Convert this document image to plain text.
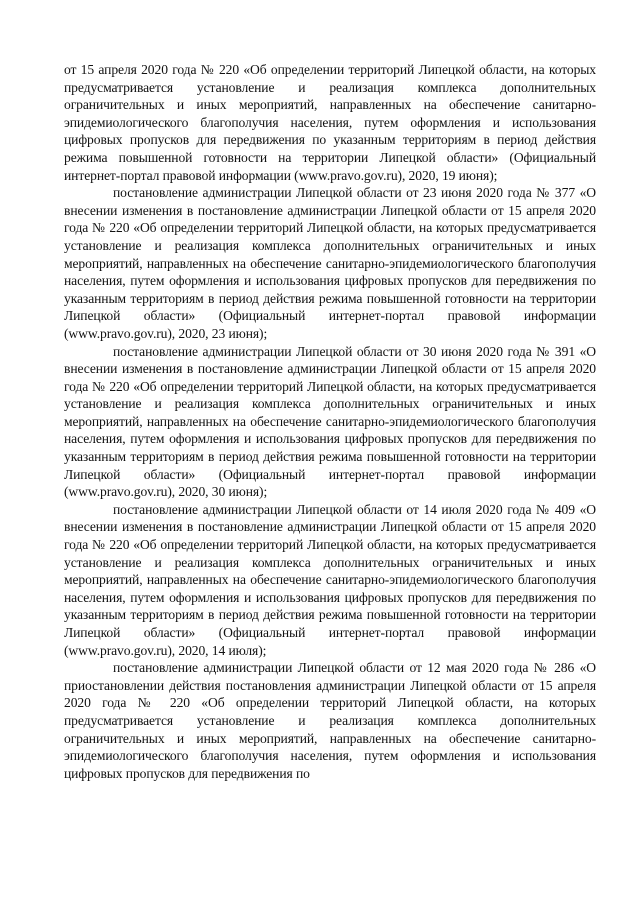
от 15 апреля 2020 года № 220 «Об определении территорий Липецкой области, на которых предусматривается установление и реализация комплекса дополнительных ограничительных и иных мероприятий, направленных на обеспечение санитарно-эпидемиологического благополучия населения, путем оформления и использования цифровых пропусков для передвижения по указанным территориям в период действия режима повышенной готовности на территории Липецкой области» (Официальный интернет-портал правовой информации (www.pravo.gov.ru), 2020, 19 июня);

постановление администрации Липецкой области от 23 июня 2020 года № 377 «О внесении изменения в постановление администрации Липецкой области от 15 апреля 2020 года № 220 «Об определении территорий Липецкой области, на которых предусматривается установление и реализация комплекса дополнительных ограничительных и иных мероприятий, направленных на обеспечение санитарно-эпидемиологического благополучия населения, путем оформления и использования цифровых пропусков для передвижения по указанным территориям в период действия режима повышенной готовности на территории Липецкой области» (Официальный интернет-портал правовой информации (www.pravo.gov.ru), 2020, 23 июня);

постановление администрации Липецкой области от 30 июня 2020 года № 391 «О внесении изменения в постановление администрации Липецкой области от 15 апреля 2020 года № 220 «Об определении территорий Липецкой области, на которых предусматривается установление и реализация комплекса дополнительных ограничительных и иных мероприятий, направленных на обеспечение санитарно-эпидемиологического благополучия населения, путем оформления и использования цифровых пропусков для передвижения по указанным территориям в период действия режима повышенной готовности на территории Липецкой области» (Официальный интернет-портал правовой информации (www.pravo.gov.ru), 2020, 30 июня);

постановление администрации Липецкой области от 14 июля 2020 года № 409 «О внесении изменения в постановление администрации Липецкой области от 15 апреля 2020 года № 220 «Об определении территорий Липецкой области, на которых предусматривается установление и реализация комплекса дополнительных ограничительных и иных мероприятий, направленных на обеспечение санитарно-эпидемиологического благополучия населения, путем оформления и использования цифровых пропусков для передвижения по указанным территориям в период действия режима повышенной готовности на территории Липецкой области» (Официальный интернет-портал правовой информации (www.pravo.gov.ru), 2020, 14 июля);

постановление администрации Липецкой области от 12 мая 2020 года № 286 «О приостановлении действия постановления администрации Липецкой области от 15 апреля 2020 года № 220 «Об определении территорий Липецкой области, на которых предусматривается установление и реализация комплекса дополнительных ограничительных и иных мероприятий, направленных на обеспечение санитарно-эпидемиологического благополучия населения, путем оформления и использования цифровых пропусков для передвижения по
